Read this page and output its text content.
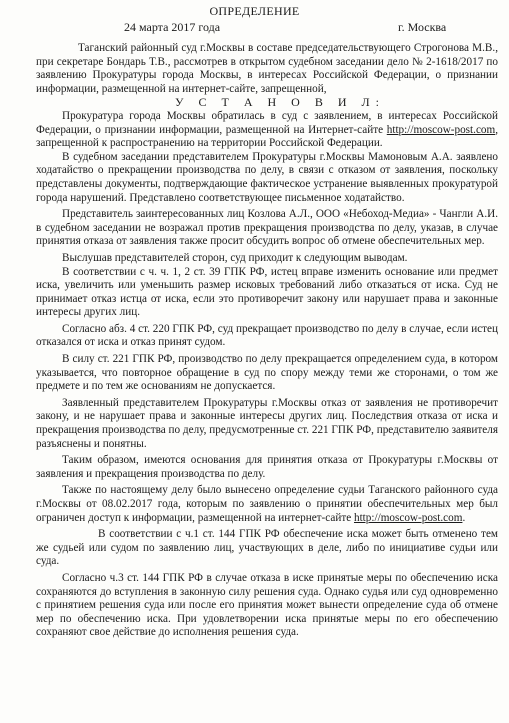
ОПРЕДЕЛЕНИЕ
24 марта 2017 года	г. Москва

Таганский районный суд г.Москвы в составе председательствующего Строгонова М.В., при секретаре Бондарь Т.В., рассмотрев в открытом судебном заседании дело № 2-1618/2017 по заявлению Прокуратуры города Москвы, в интересах Российской Федерации, о признании информации, размещенной на интернет-сайте, запрещенной,

У С Т А Н О В И Л:

Прокуратура города Москвы обратилась в суд с заявлением, в интересах Российской Федерации, о признании информации, размещенной на Интернет-сайте http://moscow-post.com, запрещенной к распространению на территории Российской Федерации.

В судебном заседании представителем Прокуратуры г.Москвы Мамоновым А.А. заявлено ходатайство о прекращении производства по делу, в связи с отказом от заявления, поскольку представлены документы, подтверждающие фактическое устранение выявленных прокуратурой города нарушений. Представлено соответствующее письменное ходатайство.

Представитель заинтересованных лиц Козлова А.Л., ООО «Небоход-Медиа» - Чангли А.И. в судебном заседании не возражал против прекращения производства по делу, указав, в случае принятия отказа от заявления также просит обсудить вопрос об отмене обеспечительных мер.

Выслушав представителей сторон, суд приходит к следующим выводам.

В соответствии с ч. ч. 1, 2 ст. 39 ГПК РФ, истец вправе изменить основание или предмет иска, увеличить или уменьшить размер исковых требований либо отказаться от иска. Суд не принимает отказ истца от иска, если это противоречит закону или нарушает права и законные интересы других лиц.

Согласно абз. 4 ст. 220 ГПК РФ, суд прекращает производство по делу в случае, если истец отказался от иска и отказ принят судом.

В силу ст. 221 ГПК РФ, производство по делу прекращается определением суда, в котором указывается, что повторное обращение в суд по спору между теми же сторонами, о том же предмете и по тем же основаниям не допускается.

Заявленный представителем Прокуратуры г.Москвы отказ от заявления не противоречит закону, и не нарушает права и законные интересы других лиц. Последствия отказа от иска и прекращения производства по делу, предусмотренные ст. 221 ГПК РФ, представителю заявителя разъяснены и понятны.

Таким образом, имеются основания для принятия отказа от Прокуратуры г.Москвы от заявления и прекращения производства по делу.

Также по настоящему делу было вынесено определение судьи Таганского районного суда г.Москвы от 08.02.2017 года, которым по заявлению о принятии обеспечительных мер был ограничен доступ к информации, размещенной на интернет-сайте http://moscow-post.com.

В соответствии с ч.1 ст. 144 ГПК РФ обеспечение иска может быть отменено тем же судьей или судом по заявлению лиц, участвующих в деле, либо по инициативе судьи или суда.

Согласно ч.3 ст. 144 ГПК РФ в случае отказа в иске принятые меры по обеспечению иска сохраняются до вступления в законную силу решения суда. Однако судья или суд одновременно с принятием решения суда или после его принятия может вынести определение суда об отмене мер по обеспечению иска. При удовлетворении иска принятые меры по его обеспечению сохраняют свое действие до исполнения решения суда.
